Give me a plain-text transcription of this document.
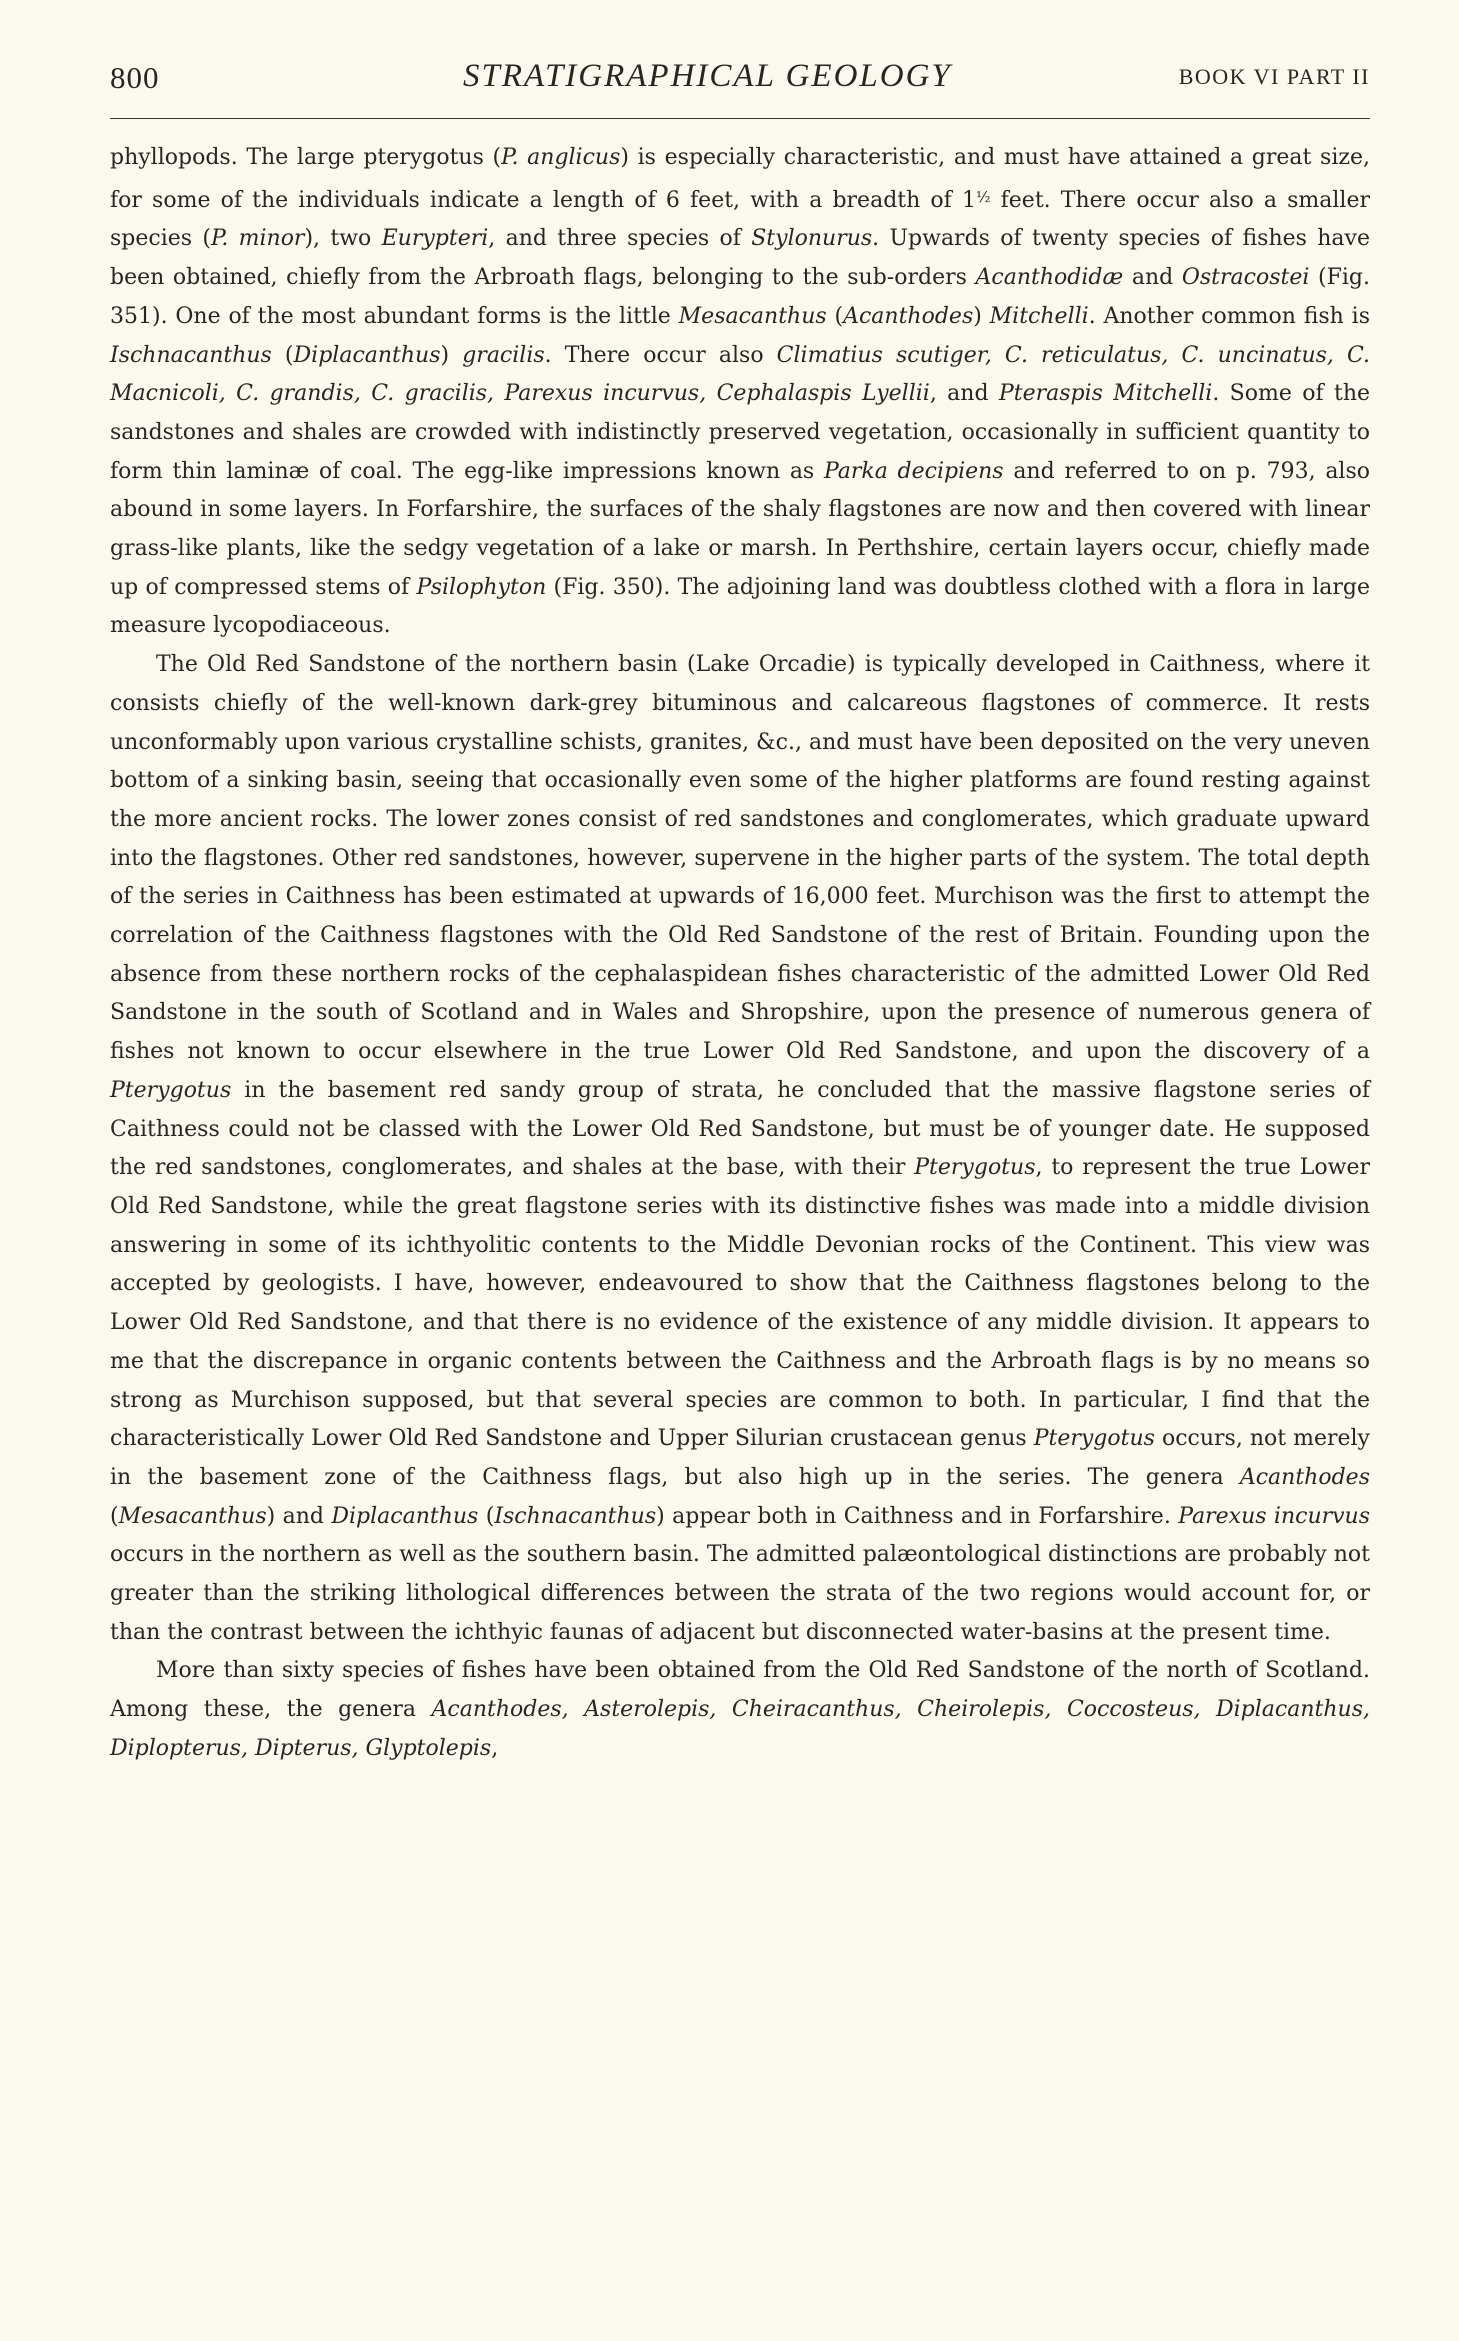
800	STRATIGRAPHICAL GEOLOGY	BOOK VI PART II

phyllopods. The large pterygotus (P. anglicus) is especially characteristic, and must have attained a great size, for some of the individuals indicate a length of 6 feet, with a breadth of $1^{\frac{1}{2}}$ feet. There occur also a smaller species (P. minor), two Eurypteri, and three species of Stylonurus. Upwards of twenty species of fishes have been obtained, chiefly from the Arbroath flags, belonging to the sub-orders Acanthodidæ and Ostracostei (Fig. 351). One of the most abundant forms is the little Mesacanthus (Acanthodes) Mitchelli. Another common fish is Ischnacanthus (Diplacanthus) gracilis. There occur also Climatius scutiger, C. reticulatus, C. uncinatus, C. Macnicoli, C. grandis, C. gracilis, Parexus incurvus, Cephalaspis Lyellii, and Pteraspis Mitchelli. Some of the sandstones and shales are crowded with indistinctly preserved vegetation, occasionally in sufficient quantity to form thin laminæ of coal. The egg-like impressions known as Parka decipiens and referred to on p. 793, also abound in some layers. In Forfarshire, the surfaces of the shaly flagstones are now and then covered with linear grass-like plants, like the sedgy vegetation of a lake or marsh. In Perthshire, certain layers occur, chiefly made up of compressed stems of Psilophyton (Fig. 350). The adjoining land was doubtless clothed with a flora in large measure lycopodiaceous.

The Old Red Sandstone of the northern basin (Lake Orcadie) is typically developed in Caithness, where it consists chiefly of the well-known dark-grey bituminous and calcareous flagstones of commerce. It rests unconformably upon various crystalline schists, granites, &c., and must have been deposited on the very uneven bottom of a sinking basin, seeing that occasionally even some of the higher platforms are found resting against the more ancient rocks. The lower zones consist of red sandstones and conglomerates, which graduate upward into the flagstones. Other red sandstones, however, supervene in the higher parts of the system. The total depth of the series in Caithness has been estimated at upwards of 16,000 feet. Murchison was the first to attempt the correlation of the Caithness flagstones with the Old Red Sandstone of the rest of Britain. Founding upon the absence from these northern rocks of the cephalaspidean fishes characteristic of the admitted Lower Old Red Sandstone in the south of Scotland and in Wales and Shropshire, upon the presence of numerous genera of fishes not known to occur elsewhere in the true Lower Old Red Sandstone, and upon the discovery of a Pterygotus in the basement red sandy group of strata, he concluded that the massive flagstone series of Caithness could not be classed with the Lower Old Red Sandstone, but must be of younger date. He supposed the red sandstones, conglomerates, and shales at the base, with their Pterygotus, to represent the true Lower Old Red Sandstone, while the great flagstone series with its distinctive fishes was made into a middle division answering in some of its ichthyolitic contents to the Middle Devonian rocks of the Continent. This view was accepted by geologists. I have, however, endeavoured to show that the Caithness flagstones belong to the Lower Old Red Sandstone, and that there is no evidence of the existence of any middle division. It appears to me that the discrepance in organic contents between the Caithness and the Arbroath flags is by no means so strong as Murchison supposed, but that several species are common to both. In particular, I find that the characteristically Lower Old Red Sandstone and Upper Silurian crustacean genus Pterygotus occurs, not merely in the basement zone of the Caithness flags, but also high up in the series. The genera Acanthodes (Mesacanthus) and Diplacanthus (Ischnacanthus) appear both in Caithness and in Forfarshire. Parexus incurvus occurs in the northern as well as the southern basin. The admitted palæontological distinctions are probably not greater than the striking lithological differences between the strata of the two regions would account for, or than the contrast between the ichthyic faunas of adjacent but disconnected water-basins at the present time.

More than sixty species of fishes have been obtained from the Old Red Sandstone of the north of Scotland. Among these, the genera Acanthodes, Asterolepis, Cheiracanthus, Cheirolepis, Coccosteus, Diplacanthus, Diplopterus, Dipterus, Glyptolepis,
